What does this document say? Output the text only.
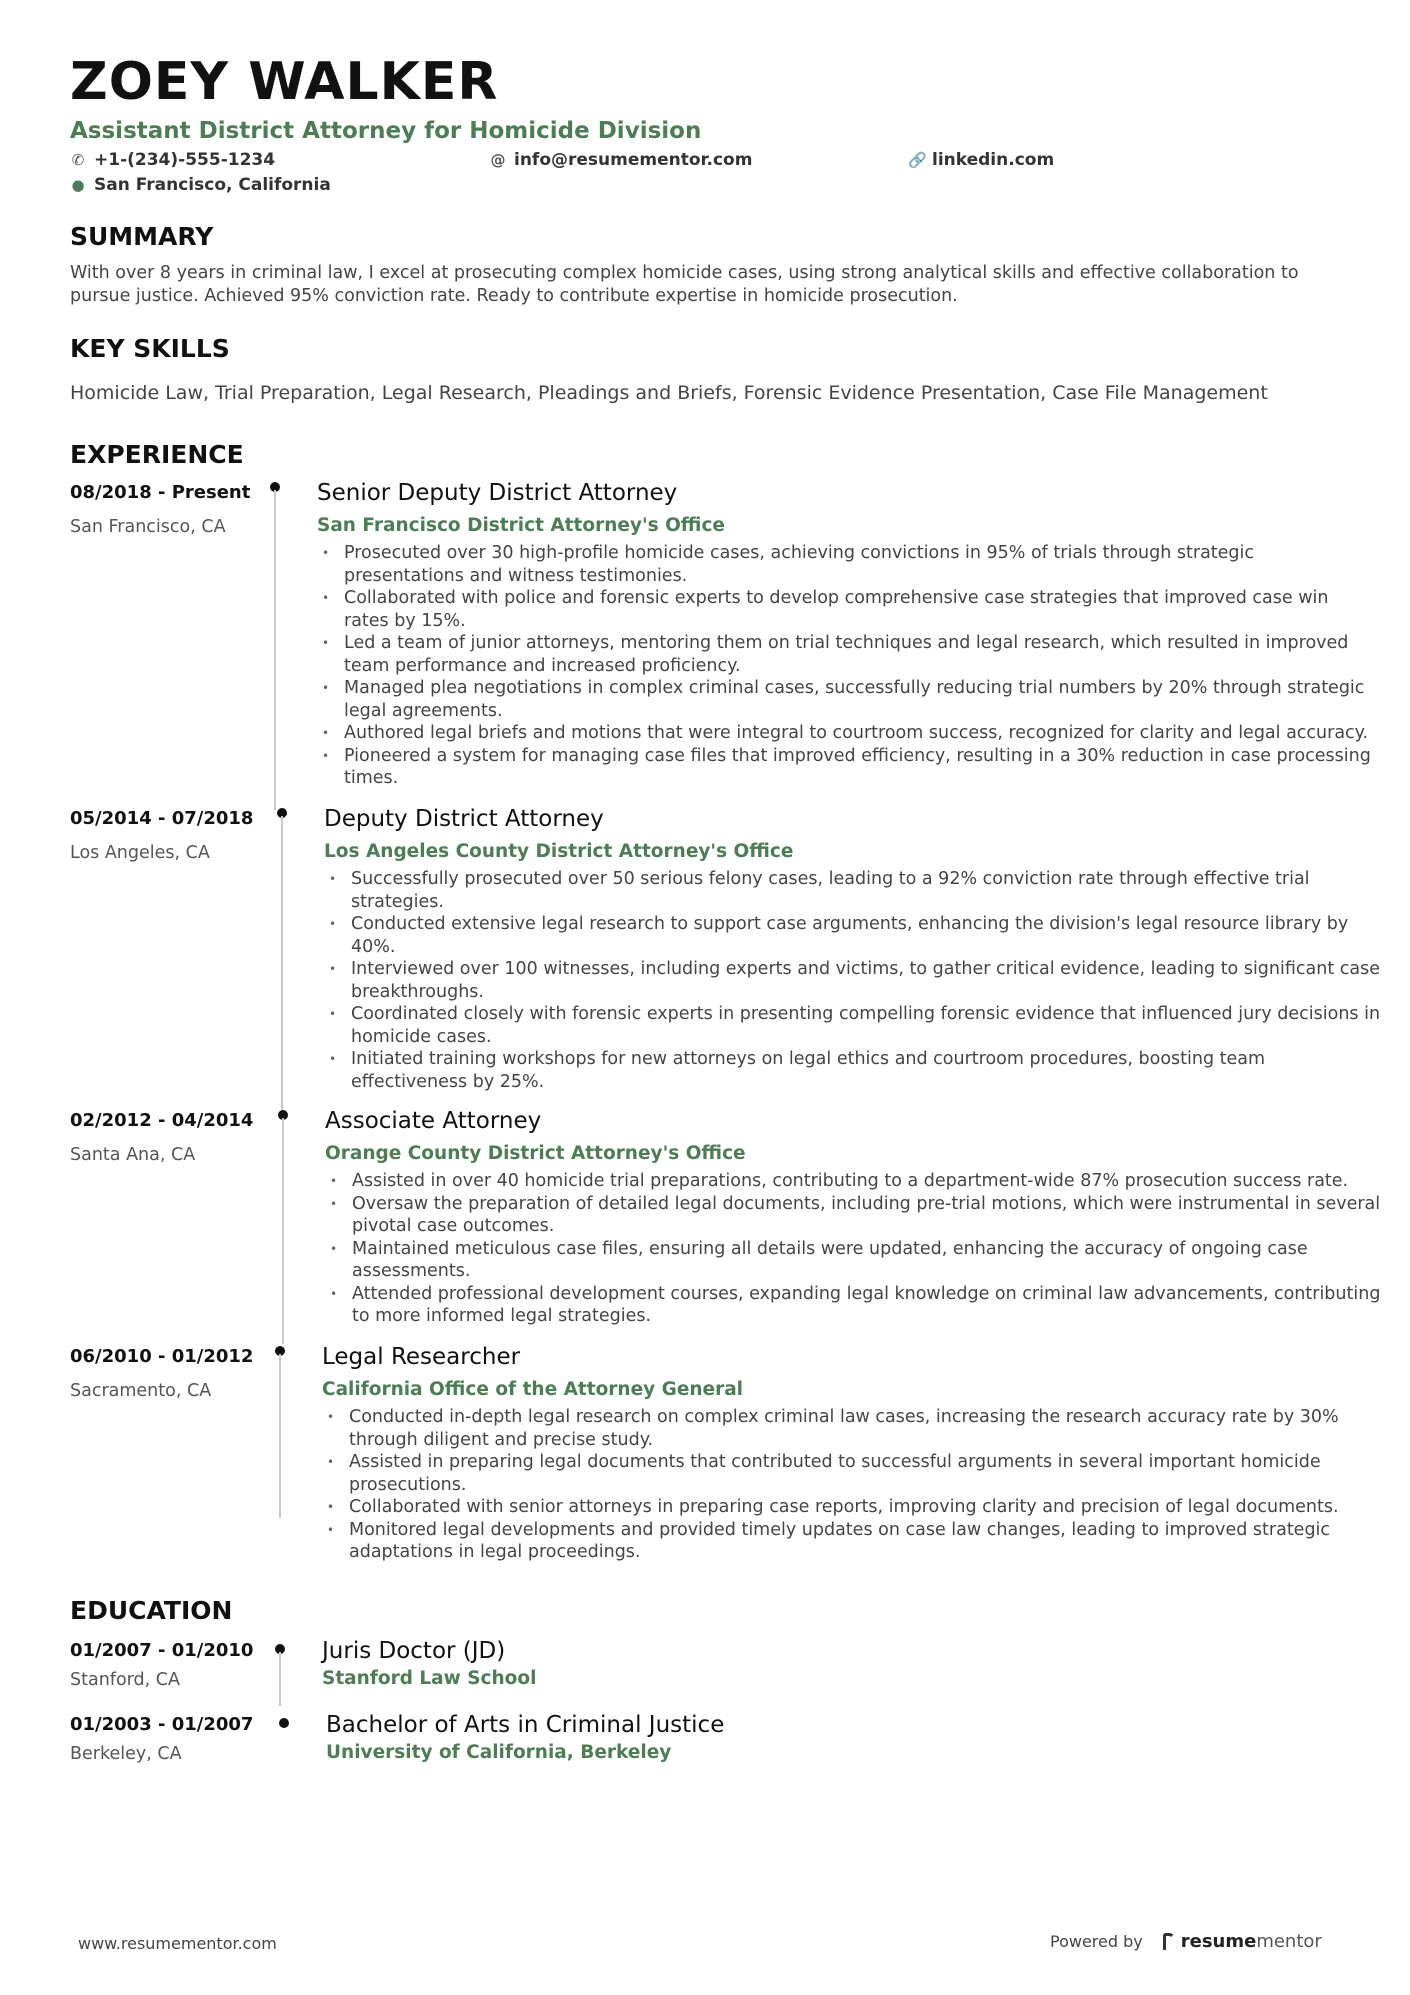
ZOEY WALKER
Assistant District Attorney for Homicide Division
✆ +1-(234)-555-1234	@ info@resumementor.com	🔗 linkedin.com
● San Francisco, California
SUMMARY
With over 8 years in criminal law, I excel at prosecuting complex homicide cases, using strong analytical skills and effective collaboration to pursue justice. Achieved 95% conviction rate. Ready to contribute expertise in homicide prosecution.
KEY SKILLS
Homicide Law, Trial Preparation, Legal Research, Pleadings and Briefs, Forensic Evidence Presentation, Case File Management
EXPERIENCE
08/2018 - Present
San Francisco, CA
Senior Deputy District Attorney
San Francisco District Attorney's Office
• Prosecuted over 30 high-profile homicide cases, achieving convictions in 95% of trials through strategic presentations and witness testimonies.
• Collaborated with police and forensic experts to develop comprehensive case strategies that improved case win rates by 15%.
• Led a team of junior attorneys, mentoring them on trial techniques and legal research, which resulted in improved team performance and increased proficiency.
• Managed plea negotiations in complex criminal cases, successfully reducing trial numbers by 20% through strategic legal agreements.
• Authored legal briefs and motions that were integral to courtroom success, recognized for clarity and legal accuracy.
• Pioneered a system for managing case files that improved efficiency, resulting in a 30% reduction in case processing times.
05/2014 - 07/2018
Los Angeles, CA
Deputy District Attorney
Los Angeles County District Attorney's Office
• Successfully prosecuted over 50 serious felony cases, leading to a 92% conviction rate through effective trial strategies.
• Conducted extensive legal research to support case arguments, enhancing the division's legal resource library by 40%.
• Interviewed over 100 witnesses, including experts and victims, to gather critical evidence, leading to significant case breakthroughs.
• Coordinated closely with forensic experts in presenting compelling forensic evidence that influenced jury decisions in homicide cases.
• Initiated training workshops for new attorneys on legal ethics and courtroom procedures, boosting team effectiveness by 25%.
02/2012 - 04/2014
Santa Ana, CA
Associate Attorney
Orange County District Attorney's Office
• Assisted in over 40 homicide trial preparations, contributing to a department-wide 87% prosecution success rate.
• Oversaw the preparation of detailed legal documents, including pre-trial motions, which were instrumental in several pivotal case outcomes.
• Maintained meticulous case files, ensuring all details were updated, enhancing the accuracy of ongoing case assessments.
• Attended professional development courses, expanding legal knowledge on criminal law advancements, contributing to more informed legal strategies.
06/2010 - 01/2012
Sacramento, CA
Legal Researcher
California Office of the Attorney General
• Conducted in-depth legal research on complex criminal law cases, increasing the research accuracy rate by 30% through diligent and precise study.
• Assisted in preparing legal documents that contributed to successful arguments in several important homicide prosecutions.
• Collaborated with senior attorneys in preparing case reports, improving clarity and precision of legal documents.
• Monitored legal developments and provided timely updates on case law changes, leading to improved strategic adaptations in legal proceedings.
EDUCATION
01/2007 - 01/2010
Stanford, CA
Juris Doctor (JD)
Stanford Law School
01/2003 - 01/2007
Berkeley, CA
Bachelor of Arts in Criminal Justice
University of California, Berkeley
www.resumementor.com	Powered by resume mentor
